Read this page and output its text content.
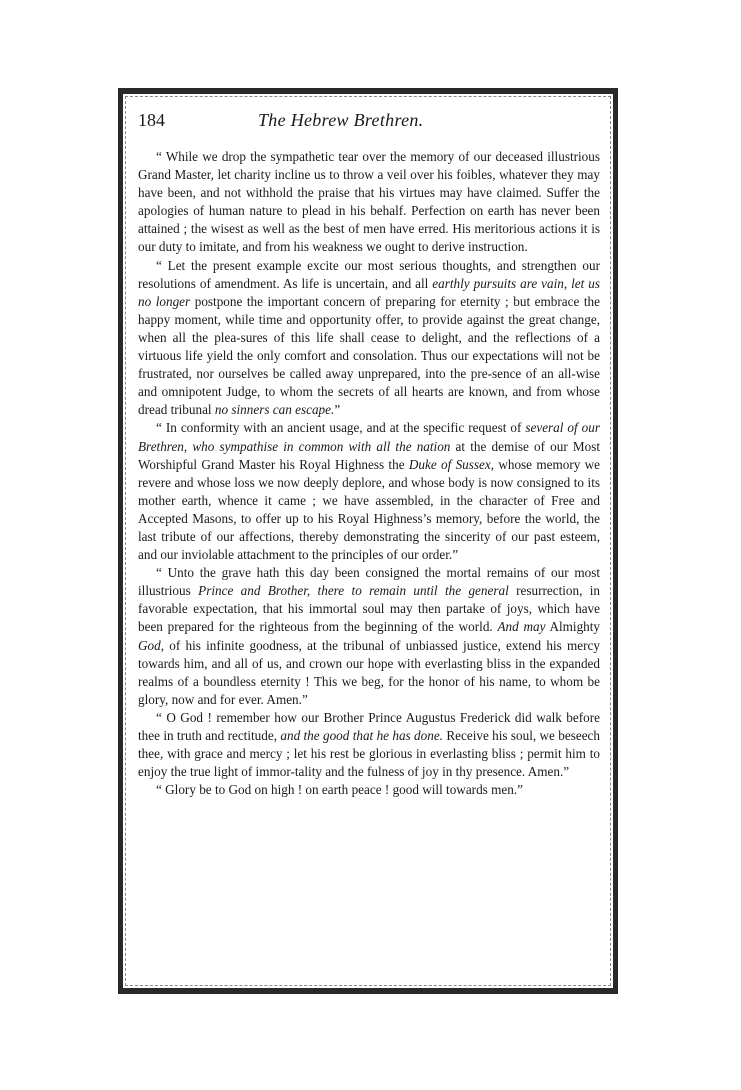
184	The Hebrew Brethren.

“ While we drop the sympathetic tear over the memory of our deceased illustrious Grand Master, let charity incline us to throw a veil over his foibles, whatever they may have been, and not withhold the praise that his virtues may have claimed. Suffer the apologies of human nature to plead in his behalf. Perfection on earth has never been attained ; the wisest as well as the best of men have erred. His meritorious actions it is our duty to imitate, and from his weakness we ought to derive instruction.

“ Let the present example excite our most serious thoughts, and strengthen our resolutions of amendment. As life is uncertain, and all earthly pursuits are vain, let us no longer postpone the important concern of preparing for eternity ; but embrace the happy moment, while time and opportunity offer, to provide against the great change, when all the plea-sures of this life shall cease to delight, and the reflections of a virtuous life yield the only comfort and consolation. Thus our expectations will not be frustrated, nor ourselves be called away unprepared, into the pre-sence of an all-wise and omnipotent Judge, to whom the secrets of all hearts are known, and from whose dread tribunal no sinners can escape.”

“ In conformity with an ancient usage, and at the specific request of several of our Brethren, who sympathise in common with all the nation at the demise of our Most Worshipful Grand Master his Royal Highness the Duke of Sussex, whose memory we revere and whose loss we now deeply deplore, and whose body is now consigned to its mother earth, whence it came ; we have assembled, in the character of Free and Accepted Masons, to offer up to his Royal Highness’s memory, before the world, the last tribute of our affections, thereby demonstrating the sincerity of our past esteem, and our inviolable attachment to the principles of our order.”

“ Unto the grave hath this day been consigned the mortal remains of our most illustrious Prince and Brother, there to remain until the general resurrection, in favorable expectation, that his immortal soul may then partake of joys, which have been prepared for the righteous from the beginning of the world. And may Almighty God, of his infinite goodness, at the tribunal of unbiassed justice, extend his mercy towards him, and all of us, and crown our hope with everlasting bliss in the expanded realms of a boundless eternity ! This we beg, for the honor of his name, to whom be glory, now and for ever. Amen.”

“ O God ! remember how our Brother Prince Augustus Frederick did walk before thee in truth and rectitude, and the good that he has done. Receive his soul, we beseech thee, with grace and mercy ; let his rest be glorious in everlasting bliss ; permit him to enjoy the true light of immor-tality and the fulness of joy in thy presence. Amen.”

“ Glory be to God on high ! on earth peace ! good will towards men.”
